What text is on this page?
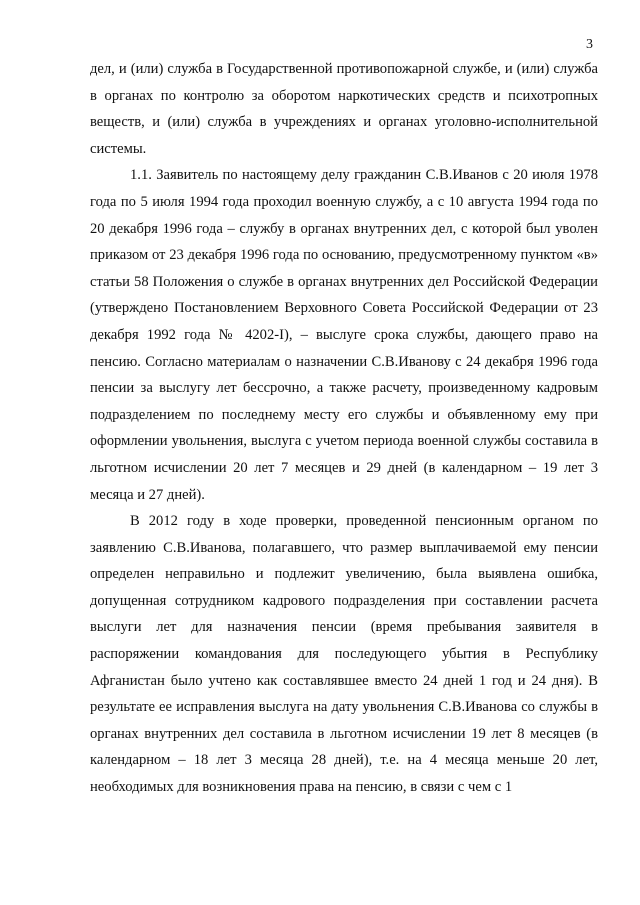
3

дел, и (или) служба в Государственной противопожарной службе, и (или) служба в органах по контролю за оборотом наркотических средств и психотропных веществ, и (или) служба в учреждениях и органах уголовно-исполнительной системы.

1.1. Заявитель по настоящему делу гражданин С.В.Иванов с 20 июля 1978 года по 5 июля 1994 года проходил военную службу, а с 10 августа 1994 года по 20 декабря 1996 года – службу в органах внутренних дел, с которой был уволен приказом от 23 декабря 1996 года по основанию, предусмотренному пунктом «в» статьи 58 Положения о службе в органах внутренних дел Российской Федерации (утверждено Постановлением Верховного Совета Российской Федерации от 23 декабря 1992 года № 4202-I), – выслуге срока службы, дающего право на пенсию. Согласно материалам о назначении С.В.Иванову с 24 декабря 1996 года пенсии за выслугу лет бессрочно, а также расчету, произведенному кадровым подразделением по последнему месту его службы и объявленному ему при оформлении увольнения, выслуга с учетом периода военной службы составила в льготном исчислении 20 лет 7 месяцев и 29 дней (в календарном – 19 лет 3 месяца и 27 дней).

В 2012 году в ходе проверки, проведенной пенсионным органом по заявлению С.В.Иванова, полагавшего, что размер выплачиваемой ему пенсии определен неправильно и подлежит увеличению, была выявлена ошибка, допущенная сотрудником кадрового подразделения при составлении расчета выслуги лет для назначения пенсии (время пребывания заявителя в распоряжении командования для последующего убытия в Республику Афганистан было учтено как составлявшее вместо 24 дней 1 год и 24 дня). В результате ее исправления выслуга на дату увольнения С.В.Иванова со службы в органах внутренних дел составила в льготном исчислении 19 лет 8 месяцев (в календарном – 18 лет 3 месяца 28 дней), т.е. на 4 месяца меньше 20 лет, необходимых для возникновения права на пенсию, в связи с чем с 1
